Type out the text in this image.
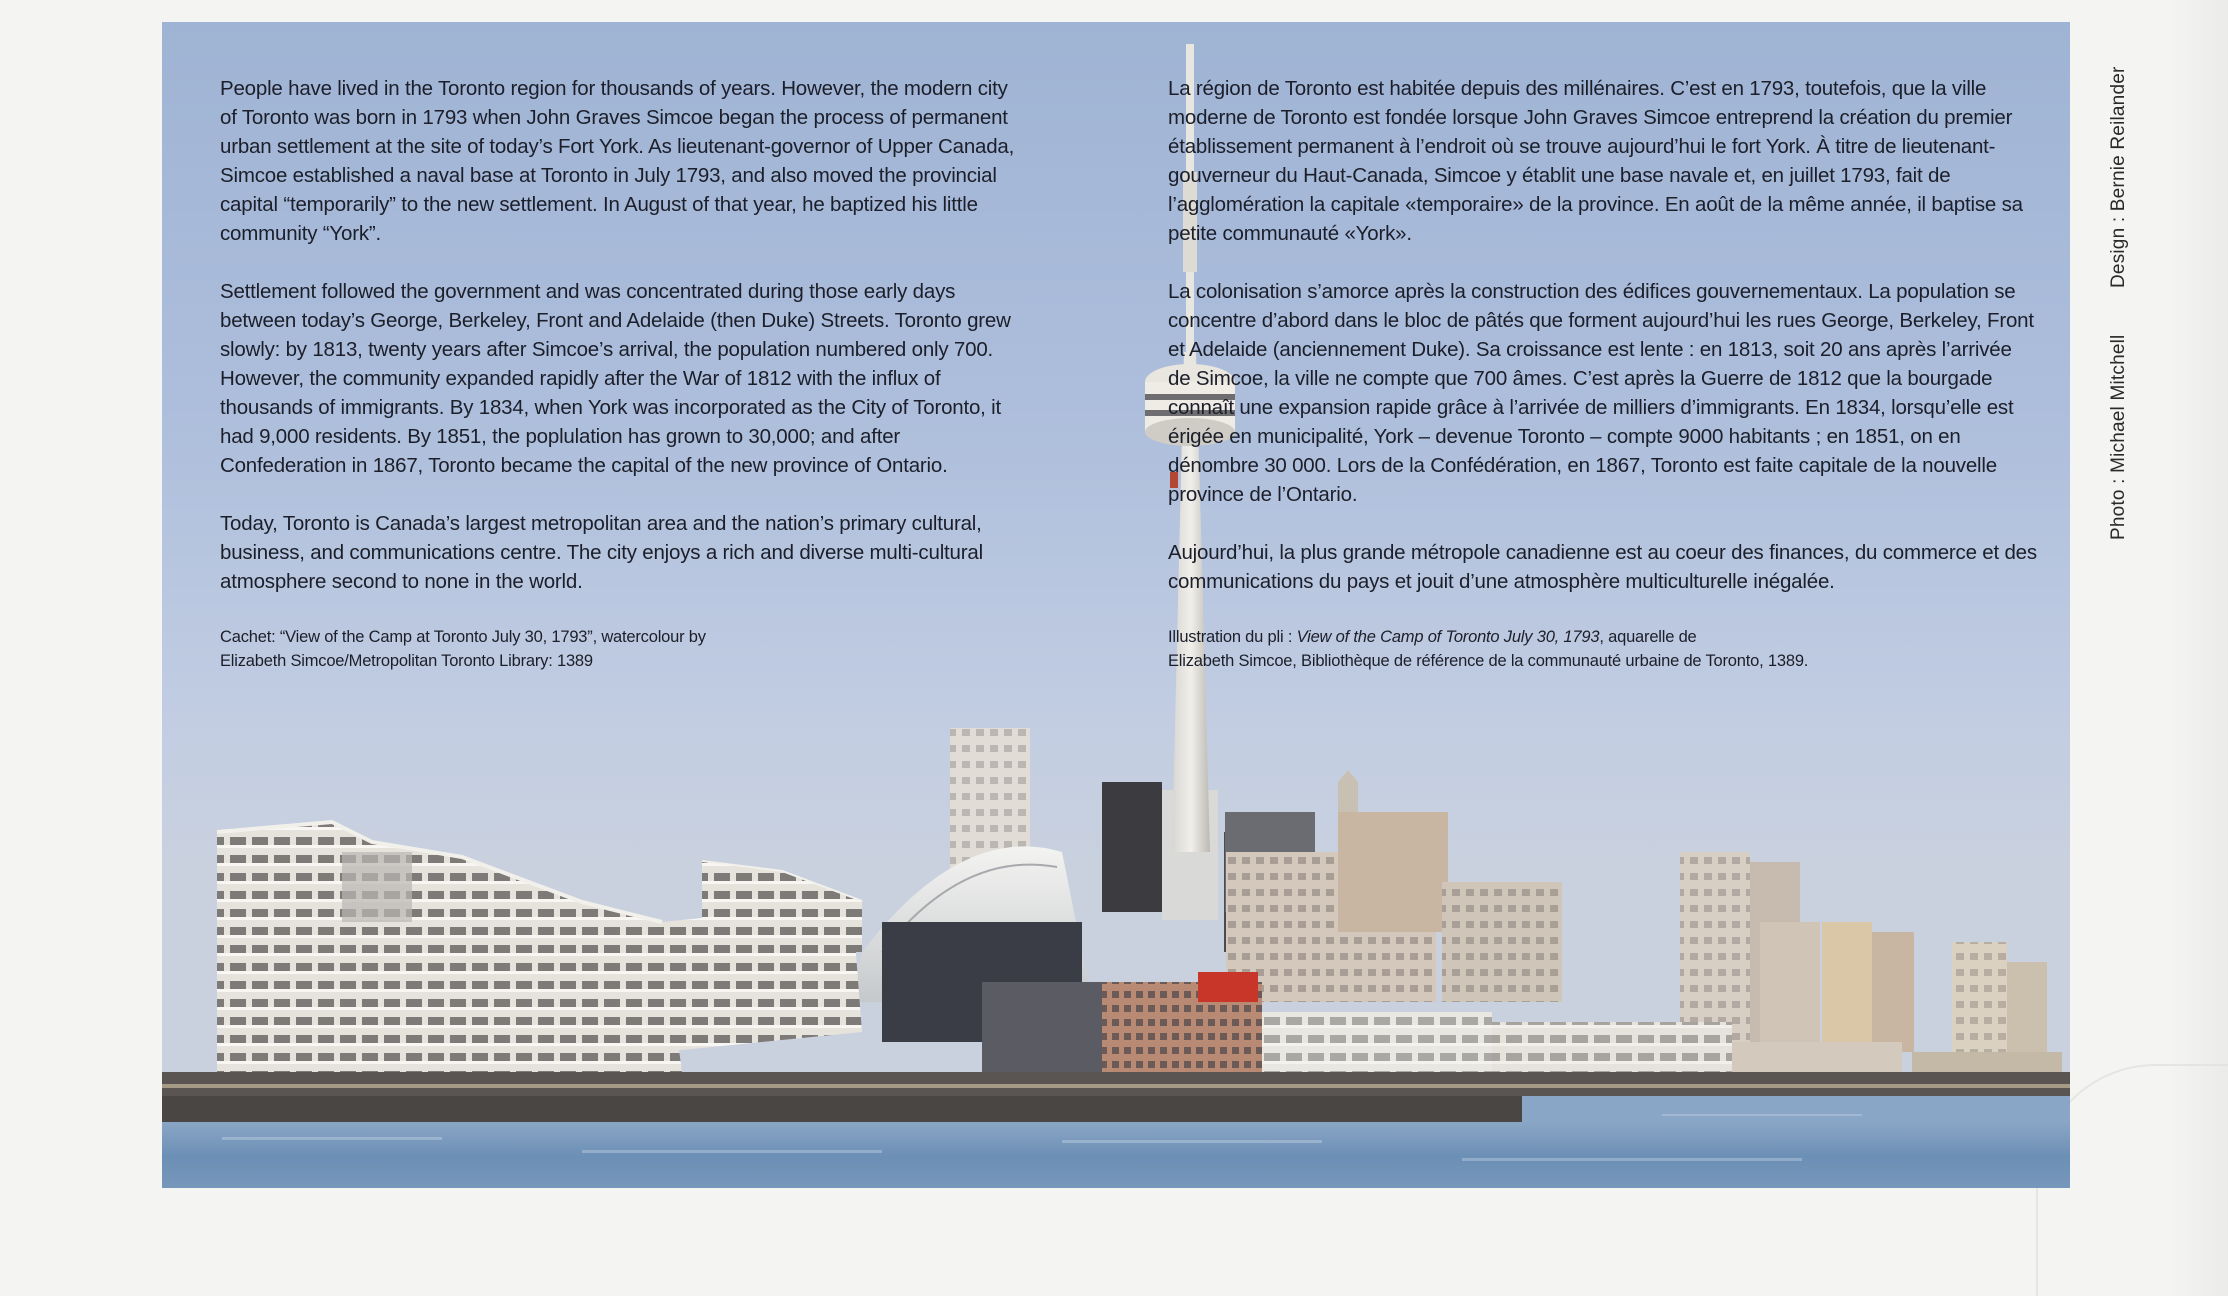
People have lived in the Toronto region for thousands of years. However, the modern city of Toronto was born in 1793 when John Graves Simcoe began the process of permanent urban settlement at the site of today’s Fort York. As lieutenant-governor of Upper Canada, Simcoe established a naval base at Toronto in July 1793, and also moved the provincial capital “temporarily” to the new settlement. In August of that year, he baptized his little community “York”.

Settlement followed the government and was concentrated during those early days between today’s George, Berkeley, Front and Adelaide (then Duke) Streets. Toronto grew slowly: by 1813, twenty years after Simcoe’s arrival, the population numbered only 700. However, the community expanded rapidly after the War of 1812 with the influx of thousands of immigrants. By 1834, when York was incorporated as the City of Toronto, it had 9,000 residents. By 1851, the poplulation has grown to 30,000; and after Confederation in 1867, Toronto became the capital of the new province of Ontario.

Today, Toronto is Canada’s largest metropolitan area and the nation’s primary cultural, business, and communications centre. The city enjoys a rich and diverse multi-cultural atmosphere second to none in the world.

Cachet: “View of the Camp at Toronto July 30, 1793”, watercolour by
Elizabeth Simcoe/Metropolitan Toronto Library: 1389

La région de Toronto est habitée depuis des millénaires. C’est en 1793, toutefois, que la ville moderne de Toronto est fondée lorsque John Graves Simcoe entreprend la création du premier établissement permanent à l’endroit où se trouve aujourd’hui le fort York. À titre de lieutenant-gouverneur du Haut-Canada, Simcoe y établit une base navale et, en juillet 1793, fait de l’agglomération la capitale «temporaire» de la province. En août de la même année, il baptise sa petite communauté «York».

La colonisation s’amorce après la construction des édifices gouvernementaux. La population se concentre d’abord dans le bloc de pâtés que forment aujourd’hui les rues George, Berkeley, Front et Adelaide (anciennement Duke). Sa croissance est lente : en 1813, soit 20 ans après l’arrivée de Simcoe, la ville ne compte que 700 âmes. C’est après la Guerre de 1812 que la bourgade connaît une expansion rapide grâce à l’arrivée de milliers d’immigrants. En 1834, lorsqu’elle est érigée en municipalité, York – devenue Toronto – compte 9000 habitants ; en 1851, on en dénombre 30 000. Lors de la Confédération, en 1867, Toronto est faite capitale de la nouvelle province de l’Ontario.

Aujourd’hui, la plus grande métropole canadienne est au coeur des finances, du commerce et des communications du pays et jouit d’une atmosphère multiculturelle inégalée.

Illustration du pli : View of the Camp of Toronto July 30, 1793, aquarelle de
Elizabeth Simcoe, Bibliothèque de référence de la communauté urbaine de Toronto, 1389.
Design : Bernie Reilander
Photo : Michael Mitchell
